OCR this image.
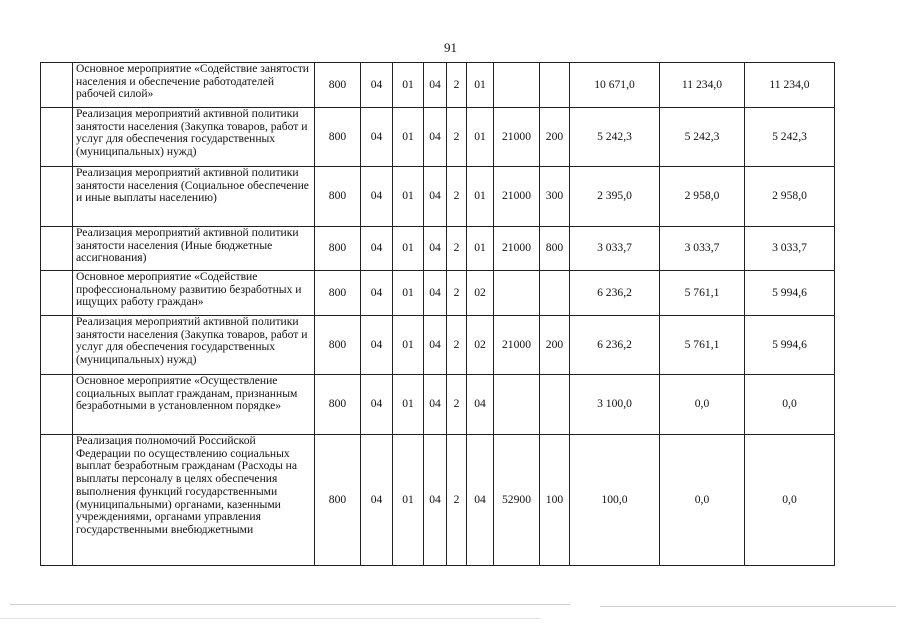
91
	Основное мероприятие «Содействие занятости населения и обеспечение работодателей рабочей силой»	800	04	01	04	2	01			10 671,0	11 234,0	11 234,0
	Реализация мероприятий активной политики занятости населения (Закупка товаров, работ и услуг для обеспечения государственных (муниципальных) нужд)	800	04	01	04	2	01	21000	200	5 242,3	5 242,3	5 242,3
	Реализация мероприятий активной политики занятости населения (Социальное обеспечение и иные выплаты населению)	800	04	01	04	2	01	21000	300	2 395,0	2 958,0	2 958,0
	Реализация мероприятий активной политики занятости населения (Иные бюджетные ассигнования)	800	04	01	04	2	01	21000	800	3 033,7	3 033,7	3 033,7
	Основное мероприятие «Содействие профессиональному развитию безработных и ищущих работу граждан»	800	04	01	04	2	02			6 236,2	5 761,1	5 994,6
	Реализация мероприятий активной политики занятости населения (Закупка товаров, работ и услуг для обеспечения государственных (муниципальных) нужд)	800	04	01	04	2	02	21000	200	6 236,2	5 761,1	5 994,6
	Основное мероприятие «Осуществление социальных выплат гражданам, признанным безработными в установленном порядке»	800	04	01	04	2	04			3 100,0	0,0	0,0
	Реализация полномочий Российской Федерации по осуществлению социальных выплат безработным гражданам (Расходы на выплаты персоналу в целях обеспечения выполнения функций государственными (муниципальными) органами, казенными учреждениями, органами управления государственными внебюджетными	800	04	01	04	2	04	52900	100	100,0	0,0	0,0
